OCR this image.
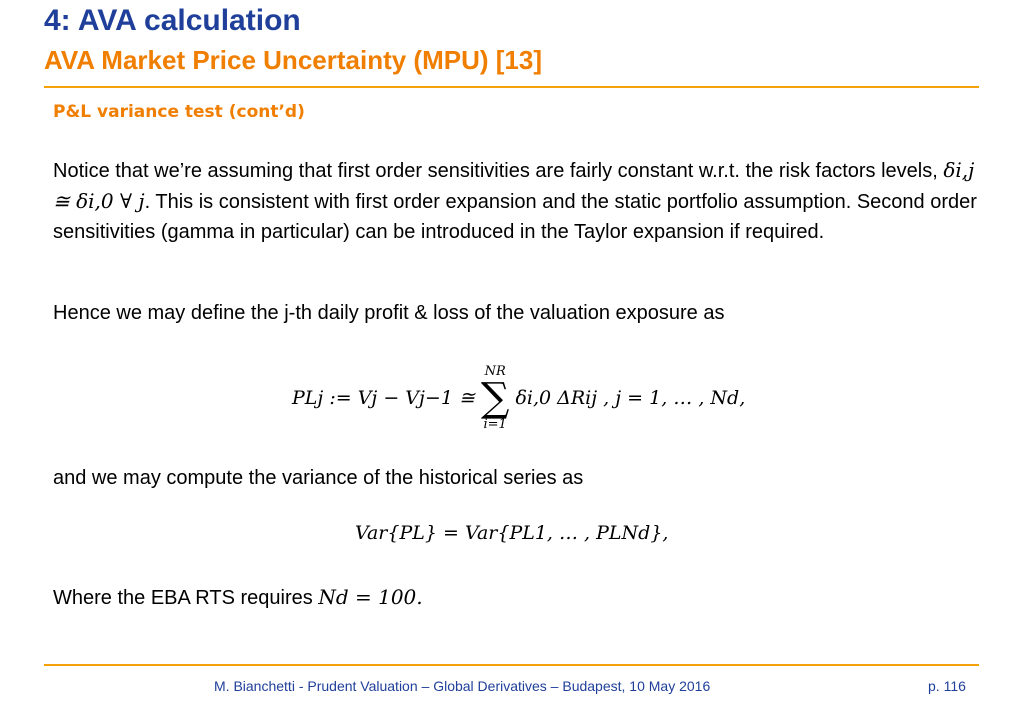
4: AVA calculation
AVA Market Price Uncertainty (MPU) [13]
P&L variance test (cont’d)
Notice that we’re assuming that first order sensitivities are fairly constant w.r.t. the risk factors levels, δi,j ≅ δi,0 ∀ j. This is consistent with first order expansion and the static portfolio assumption. Second order sensitivities (gamma in particular) can be introduced in the Taylor expansion if required.
Hence we may define the j-th daily profit & loss of the valuation exposure as
PLj := Vj − Vj−1 ≅
NR
∑
i=1
δi,0 ΔRij , j = 1, … , Nd,
and we may compute the variance of the historical series as
Var{PL} = Var{PL1, … , PLNd},
Where the EBA RTS requires Nd = 100.
M. Bianchetti - Prudent Valuation – Global Derivatives – Budapest, 10 May 2016	p. 116
